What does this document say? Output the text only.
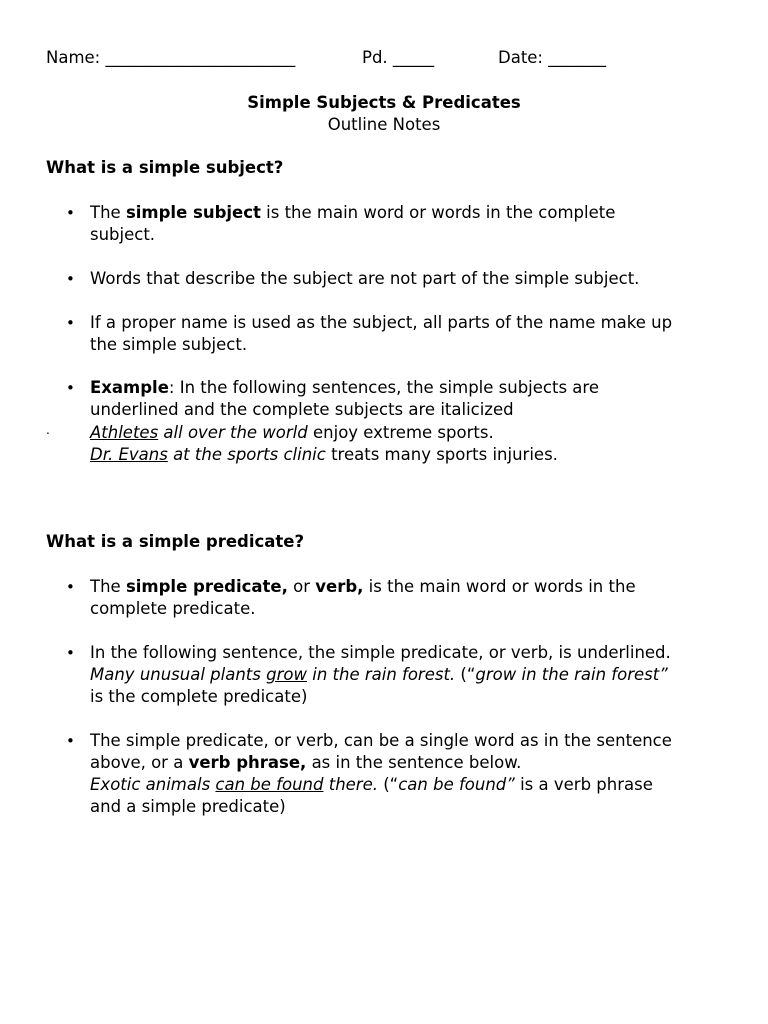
Name: _______________________	Pd. _____	Date: _______
Simple Subjects & Predicates
Outline Notes
What is a simple subject?
• The simple subject is the main word or words in the complete
subject.
• Words that describe the subject are not part of the simple subject.
• If a proper name is used as the subject, all parts of the name make up
the simple subject.
• Example: In the following sentences, the simple subjects are
underlined and the complete subjects are italicized
. Athletes all over the world enjoy extreme sports.
Dr. Evans at the sports clinic treats many sports injuries.
What is a simple predicate?
• The simple predicate, or verb, is the main word or words in the
complete predicate.
• In the following sentence, the simple predicate, or verb, is underlined.
Many unusual plants grow in the rain forest. (“grow in the rain forest”
is the complete predicate)
• The simple predicate, or verb, can be a single word as in the sentence
above, or a verb phrase, as in the sentence below.
Exotic animals can be found there. (“can be found” is a verb phrase
and a simple predicate)
